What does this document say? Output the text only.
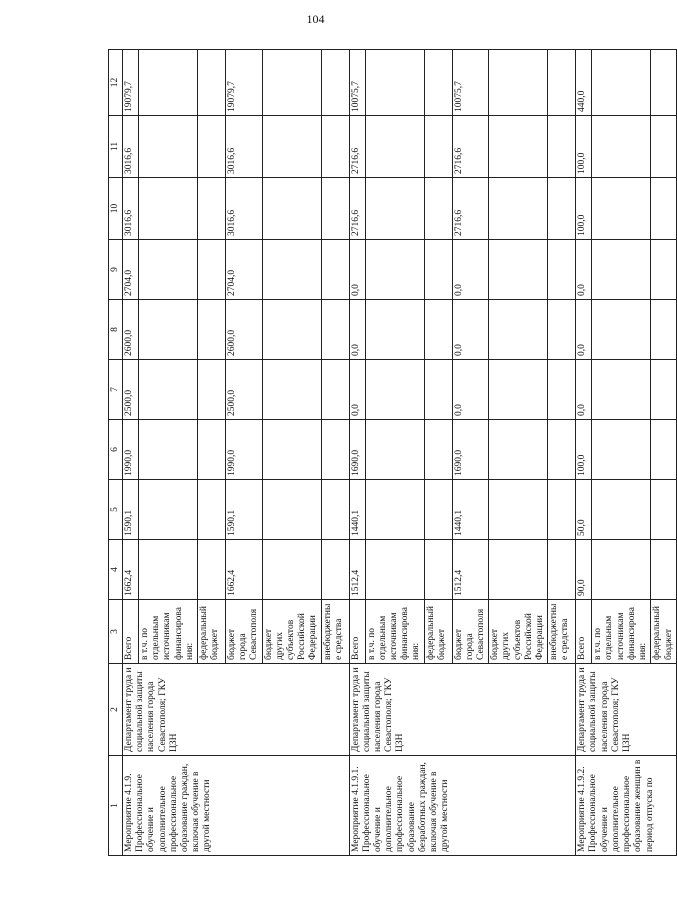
104
1	2	3	4	5	6	7	8	9	10	11	12
Мероприятие 4.1.9. Профессиональное обучение и дополнительное профессиональное образование граждан, включая обучение в другой местности	Департамент труда и социальной защиты населения города Севастополя; ГКУ ЦЗН	Всего	1662,4	1590,1	1990,0	2500,0	2600,0	2704,0	3016,6	3016,6	19079,7
		в т.ч. по отдельным источникам финансирования:									
		федеральный бюджет									
		бюджет города Севастополя	1662,4	1590,1	1990,0	2500,0	2600,0	2704,0	3016,6	3016,6	19079,7
		бюджет других субъектов Российской Федерации									
		внебюджетные средства									
Мероприятие 4.1.9.1. Профессиональное обучение и дополнительное профессиональное образование безработных граждан, включая обучение в другой местности	Департамент труда и социальной защиты населения города Севастополя; ГКУ ЦЗН	Всего	1512,4	1440,1	1690,0	0,0	0,0	0,0	2716,6	2716,6	10075,7
		в т.ч. по отдельным источникам финансирования:									
		федеральный бюджет									
		бюджет города Севастополя	1512,4	1440,1	1690,0	0,0	0,0	0,0	2716,6	2716,6	10075,7
		бюджет других субъектов Российской Федерации									
		внебюджетные средства									
Мероприятие 4.1.9.2. Профессиональное обучение и дополнительное профессиональное образование женщин в период отпуска по	Департамент труда и социальной защиты населения города Севастополя; ГКУ ЦЗН	Всего	90,0	50,0	100,0	0,0	0,0	0,0	100,0	100,0	440,0
		в т.ч. по отдельным источникам финансирования:									
		федеральный бюджет									
